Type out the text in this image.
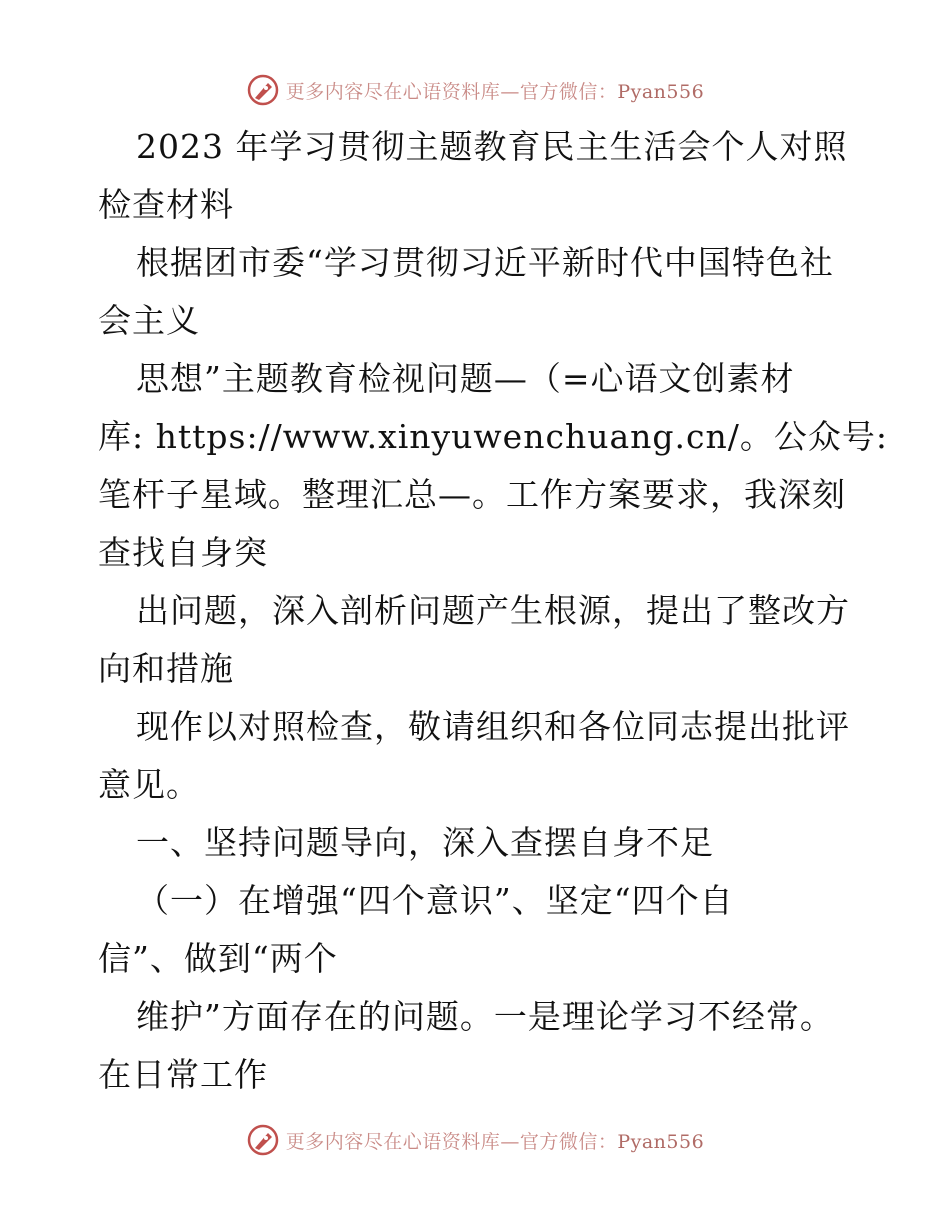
更多内容尽在心语资料库—官方微信：Pyan556
2023 年学习贯彻主题教育民主生活会个人对照
检查材料
根据团市委“学习贯彻习近平新时代中国特色社
会主义
思想”主题教育检视问题—（=心语文创素材
库: https://www.xinyuwenchuang.cn/。公众号:
笔杆子星域。整理汇总—。工作方案要求，我深刻
查找自身突
出问题，深入剖析问题产生根源，提出了整改方
向和措施
现作以对照检查，敬请组织和各位同志提出批评
意见。
一、坚持问题导向，深入查摆自身不足
（一）在增强“四个意识”、坚定“四个自
信”、做到“两个
维护”方面存在的问题。一是理论学习不经常。
在日常工作
更多内容尽在心语资料库—官方微信：Pyan556
